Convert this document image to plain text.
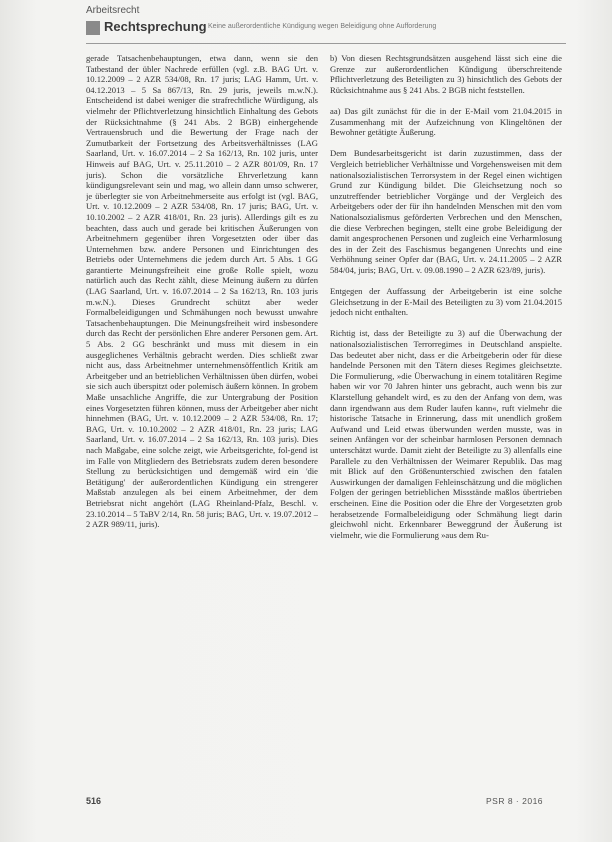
Arbeitsrecht
Rechtsprechung Keine außerordentliche Kündigung wegen Beleidigung ohne Aufforderung

gerade Tatsachenbehauptungen, etwa dann, wenn sie den Tatbestand der übler Nachrede erfüllen (vgl. z.B. BAG Urt. v. 10.12.2009 – 2 AZR 534/08, Rn. 17 juris; LAG Hamm, Urt. v. 04.12.2013 – 5 Sa 867/13, Rn. 29 juris, jeweils m.w.N.). Entscheidend ist dabei weniger die strafrechtliche Würdigung, als vielmehr der Pflichtverletzung hinsichtlich Einhaltung des Gebots der Rücksichtnahme (§ 241 Abs. 2 BGB) einhergehende Vertrauensbruch und die Bewertung der Frage nach der Zumutbarkeit der Fortsetzung des Arbeitsverhältnisses (LAG Saarland, Urt. v. 16.07.2014 – 2 Sa 162/13, Rn. 102 juris, unter Hinweis auf BAG, Urt. v. 25.11.2010 – 2 AZR 801/09, Rn. 17 juris). Schon die vorsätzliche Ehrverletzung kann kündigungsrelevant sein und mag, wo allein dann umso schwerer, je überlegter sie von Arbeitnehmerseite aus erfolgt ist (vgl. BAG, Urt. v. 10.12.2009 – 2 AZR 534/08, Rn. 17 juris; BAG, Urt. v. 10.10.2002 – 2 AZR 418/01, Rn. 23 juris). Allerdings gilt es zu beachten, dass auch und gerade bei kritischen Äußerungen von Arbeitnehmern gegenüber ihren Vorgesetzten oder über das Unternehmen bzw. andere Personen und Einrichtungen des Betriebs oder Unternehmens die jedem durch Art. 5 Abs. 1 GG garantierte Meinungsfreiheit eine große Rolle spielt, wozu natürlich auch das Recht zählt, diese Meinung äußern zu dürfen (LAG Saarland, Urt. v. 16.07.2014 – 2 Sa 162/13, Rn. 103 juris m.w.N.). Dieses Grundrecht schützt aber weder Formalbeleidigungen und Schmähungen noch bewusst unwahre Tatsachenbehauptungen. Die Meinungsfreiheit wird insbesondere durch das Recht der persönlichen Ehre anderer Personen gem. Art. 5 Abs. 2 GG beschränkt und muss mit diesem in ein ausgeglichenes Verhältnis gebracht werden. Dies schließt zwar nicht aus, dass Arbeitnehmer unternehmensöffentlich Kritik am Arbeitgeber und an betrieblichen Verhältnissen üben dürfen, wobei sie sich auch überspitzt oder polemisch äußern können. In grobem Maße unsachliche Angriffe, die zur Untergrabung der Position eines Vorgesetzten führen können, muss der Arbeitgeber aber nicht hinnehmen (BAG, Urt. v. 10.12.2009 – 2 AZR 534/08, Rn. 17; BAG, Urt. v. 10.10.2002 – 2 AZR 418/01, Rn. 23 juris; LAG Saarland, Urt. v. 16.07.2014 – 2 Sa 162/13, Rn. 103 juris). Dies nach Maßgabe, eine solche zeigt, wie Arbeitsgerichte, fol-gend ist im Falle von Mitgliedern des Betriebsrats zudem deren besondere Stellung zu berücksichtigen und demgemäß wird ein 'die Betätigung' der außerordentlichen Kündigung ein strengerer Maßstab anzulegen als bei einem Arbeitnehmer, der dem Betriebsrat nicht angehört (LAG Rheinland-Pfalz, Beschl. v. 23.10.2014 – 5 TaBV 2/14, Rn. 58 juris; BAG, Urt. v. 19.07.2012 – 2 AZR 989/11, juris).

b) Von diesen Rechtsgrundsätzen ausgehend lässt sich eine die Grenze zur außerordentlichen Kündigung überschreitende Pflichtverletzung des Beteiligten zu 3) hinsichtlich des Gebots der Rücksichtnahme aus § 241 Abs. 2 BGB nicht feststellen.

aa) Das gilt zunächst für die in der E-Mail vom 21.04.2015 in Zusammenhang mit der Aufzeichnung von Klingeltönen der Bewohner getätigte Äußerung.

Dem Bundesarbeitsgericht ist darin zuzustimmen, dass der Vergleich betrieblicher Verhältnisse und Vorgehensweisen mit dem nationalsozialistischen Terrorsystem in der Regel einen wichtigen Grund zur Kündigung bildet. Die Gleichsetzung noch so unzutreffender betrieblicher Vorgänge und der Vergleich des Arbeitgebers oder der für ihn handelnden Menschen mit den vom Nationalsozialismus geförderten Verbrechen und den Menschen, die diese Verbrechen begingen, stellt eine grobe Beleidigung der damit angesprochenen Personen und zugleich eine Verharmlosung des in der Zeit des Faschismus begangenen Unrechts und eine Verhöhnung seiner Opfer dar (BAG, Urt. v. 24.11.2005 – 2 AZR 584/04, juris; BAG, Urt. v. 09.08.1990 – 2 AZR 623/89, juris).

Entgegen der Auffassung der Arbeitgeberin ist eine solche Gleichsetzung in der E-Mail des Beteiligten zu 3) vom 21.04.2015 jedoch nicht enthalten.

Richtig ist, dass der Beteiligte zu 3) auf die Überwachung der nationalsozialistischen Terrorregimes in Deutschland anspielte. Das bedeutet aber nicht, dass er die Arbeitgeberin oder für diese handelnde Personen mit den Tätern dieses Regimes gleichsetzte. Die Formulierung, »die Überwachung in einem totalitären Regime haben wir vor 70 Jahren hinter uns gebracht, auch wenn bis zur Klarstellung gehandelt wird, es zu den der Anfang von dem, was dann irgendwann aus dem Ruder laufen kann«, ruft vielmehr die historische Tatsache in Erinnerung, dass mit unendlich großem Aufwand und Leid etwas überwunden werden musste, was in seinen Anfängen vor der scheinbar harmlosen Personen demnach unterschätzt wurde. Damit zieht der Beteiligte zu 3) allenfalls eine Parallele zu den Verhältnissen der Weimarer Republik. Das mag mit Blick auf den Größenunterschied zwischen den fatalen Auswirkungen der damaligen Fehleinschätzung und die möglichen Folgen der geringen betrieblichen Missstände maßlos übertrieben erscheinen. Eine die Position oder die Ehre der Vorgesetzten grob herabsetzende Formalbeleidigung oder Schmähung liegt darin gleichwohl nicht. Erkennbarer Beweggrund der Äußerung ist vielmehr, wie die Formulierung »aus dem Ru-

516	PSR 8 · 2016
